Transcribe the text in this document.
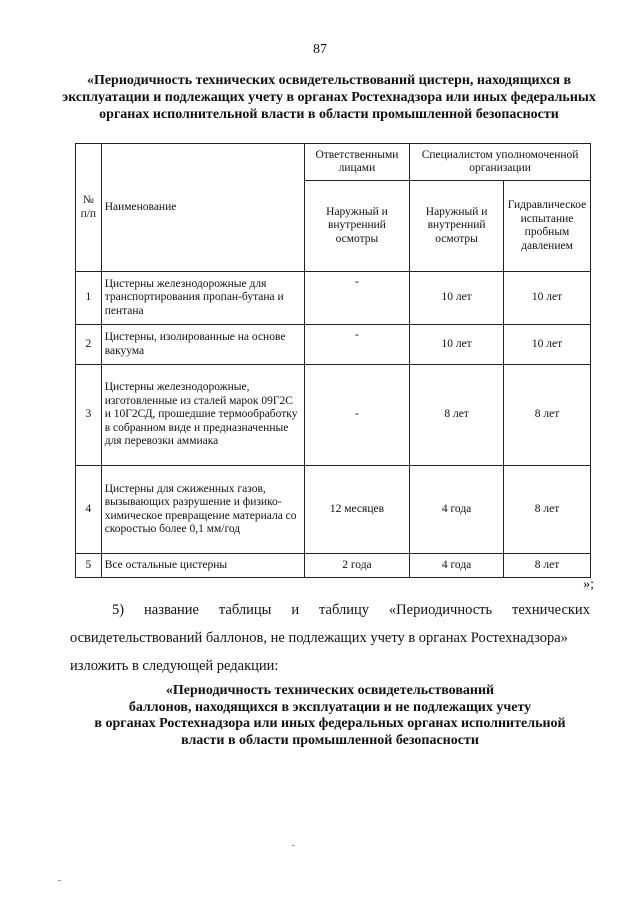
87
«Периодичность технических освидетельствований цистерн, находящихся в эксплуатации и подлежащих учету в органах Ростехнадзора или иных федеральных органах исполнительной власти в области промышленной безопасности
№ п/п	Наименование	Ответственными лицами	Специалистом уполномоченной организации	
		Наружный и внутренний осмотры	Наружный и внутренний осмотры	Гидравлическое испытание пробным давлением
1	Цистерны железнодорожные для транспортирования пропан-бутана и пентана	-	10 лет	10 лет
2	Цистерны, изолированные на основе вакуума	-	10 лет	10 лет
3	Цистерны железнодорожные, изготовленные из сталей марок 09Г2С и 10Г2СД, прошедшие термообработку в собранном виде и предназначенные для перевозки аммиака	-	8 лет	8 лет
4	Цистерны для сжиженных газов, вызывающих разрушение и физико-химическое превращение материала со скоростью более 0,1 мм/год	12 месяцев	4 года	8 лет
5	Все остальные цистерны	2 года	4 года	8 лет
»;
5) название таблицы и таблицу «Периодичность технических
освидетельствований баллонов, не подлежащих учету в органах Ростехнадзора»
изложить в следующей редакции:
«Периодичность технических освидетельствований
баллонов, находящихся в эксплуатации и не подлежащих учету
в органах Ростехнадзора или иных федеральных органах исполнительной
власти в области промышленной безопасности
